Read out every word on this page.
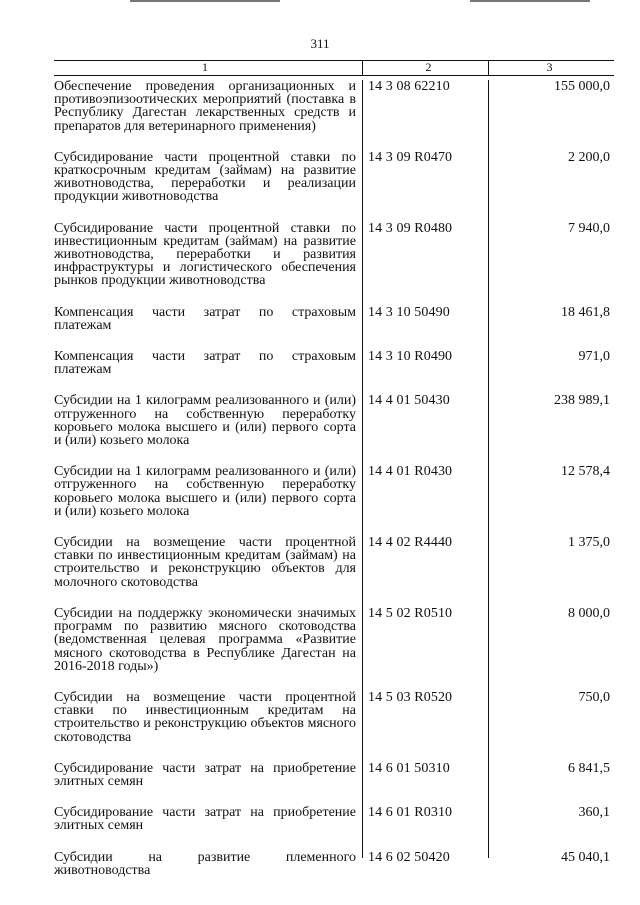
311
1	2	3
Обеспечение проведения организационных и противоэпизоотических мероприятий (поставка в Республику Дагестан лекарственных средств и препаратов для ветеринарного применения)
14 3 08 62210	155 000,0
Субсидирование части процентной ставки по краткосрочным кредитам (займам) на развитие животноводства, переработки и реализации продукции животноводства
14 3 09 R0470	2 200,0
Субсидирование части процентной ставки по инвестиционным кредитам (займам) на развитие животноводства, переработки и развития инфраструктуры и логистического обеспечения рынков продукции животноводства
14 3 09 R0480	7 940,0
Компенсация части затрат по страховым платежам
14 3 10 50490	18 461,8
Компенсация части затрат по страховым платежам
14 3 10 R0490	971,0
Субсидии на 1 килограмм реализованного и (или) отгруженного на собственную переработку коровьего молока высшего и (или) первого сорта и (или) козьего молока
14 4 01 50430	238 989,1
Субсидии на 1 килограмм реализованного и (или) отгруженного на собственную переработку коровьего молока высшего и (или) первого сорта и (или) козьего молока
14 4 01 R0430	12 578,4
Субсидии на возмещение части процентной ставки по инвестиционным кредитам (займам) на строительство и реконструкцию объектов для молочного скотоводства
14 4 02 R4440	1 375,0
Субсидии на поддержку экономически значимых программ по развитию мясного скотоводства (ведомственная целевая программа «Развитие мясного скотоводства в Реcпублике Дагестан на 2016-2018 годы»)
14 5 02 R0510	8 000,0
Субсидии на возмещение части процентной ставки по инвестиционным кредитам на строительство и реконструкцию объектов мясного скотоводства
14 5 03 R0520	750,0
Субсидирование части затрат на приобретение элитных семян
14 6 01 50310	6 841,5
Субсидирование части затрат на приобретение элитных семян
14 6 01 R0310	360,1
Субсидии на развитие племенного животноводства
14 6 02 50420	45 040,1
